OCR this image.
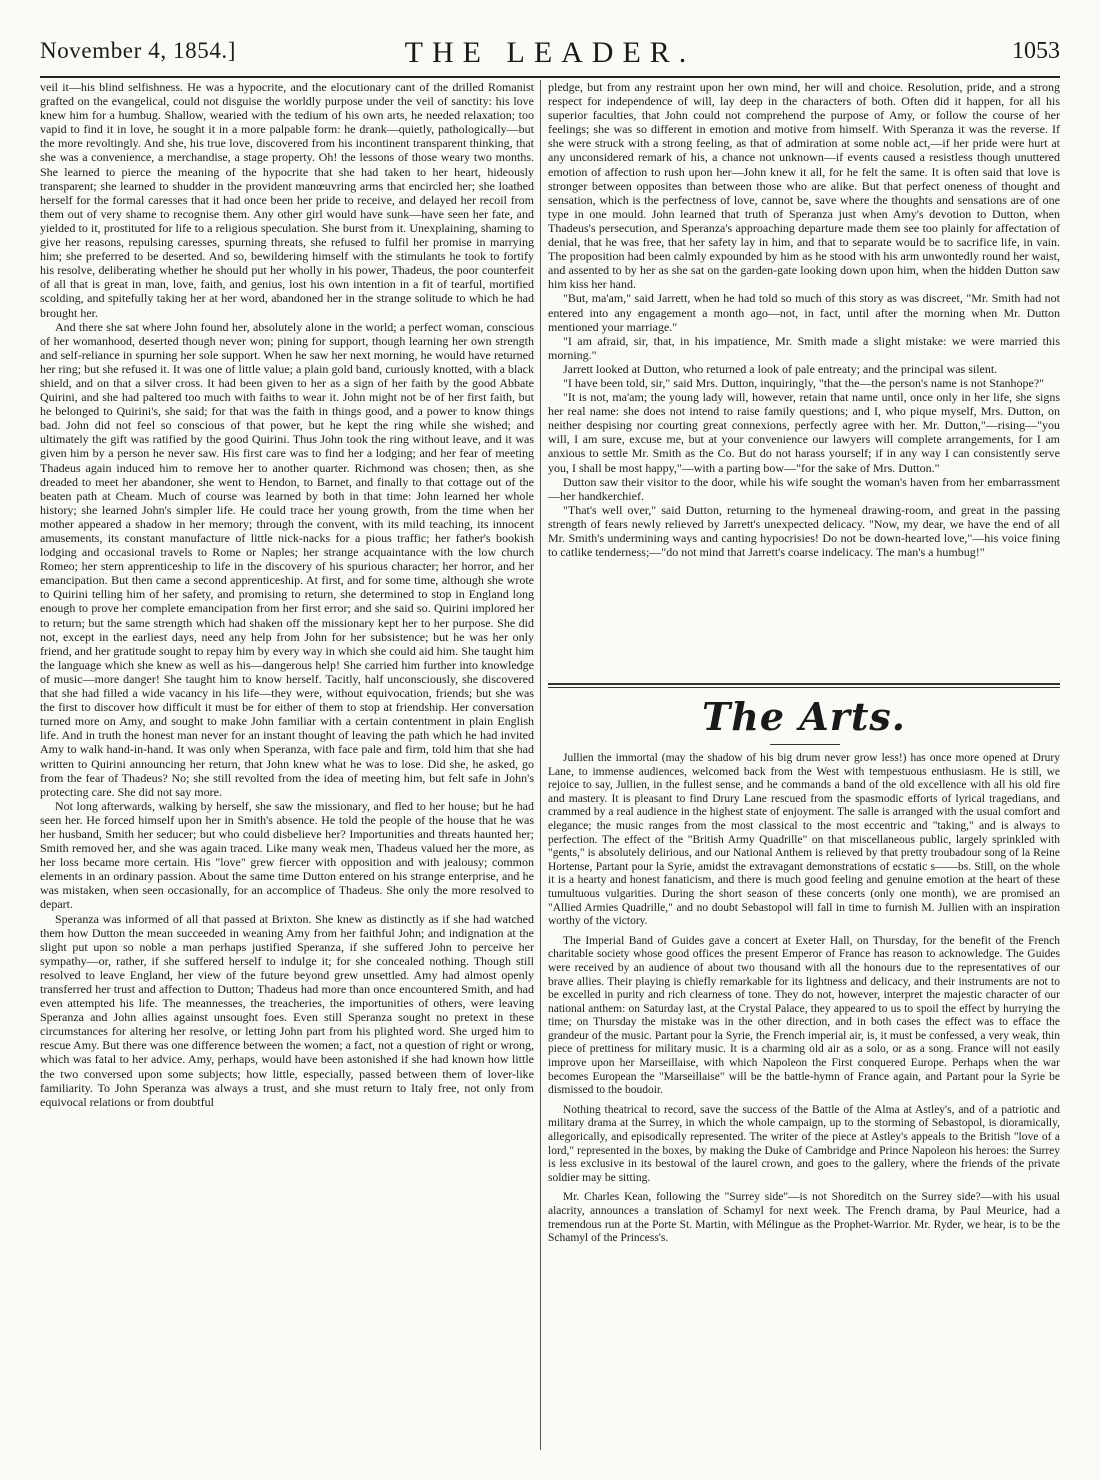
November 4, 1854.]	THE LEADER.	1053

veil it—his blind selfishness. He was a hypocrite, and the elocutionary cant of the drilled Romanist grafted on the evangelical, could not disguise the worldly purpose under the veil of sanctity: his love knew him for a humbug. Shallow, wearied with the tedium of his own arts, he needed relaxation; too vapid to find it in love, he sought it in a more palpable form: he drank—quietly, pathologically—but the more revoltingly. And she, his true love, discovered from his incontinent transparent thinking, that she was a convenience, a merchandise, a stage property. Oh! the lessons of those weary two months. She learned to pierce the meaning of the hypocrite that she had taken to her heart, hideously transparent; she learned to shudder in the provident manœuvring arms that encircled her; she loathed herself for the formal caresses that it had once been her pride to receive, and delayed her recoil from them out of very shame to recognise them. Any other girl would have sunk—have seen her fate, and yielded to it, prostituted for life to a religious speculation. She burst from it. Unexplaining, shaming to give her reasons, repulsing caresses, spurning threats, she refused to fulfil her promise in marrying him; she preferred to be deserted. And so, bewildering himself with the stimulants he took to fortify his resolve, deliberating whether he should put her wholly in his power, Thadeus, the poor counterfeit of all that is great in man, love, faith, and genius, lost his own intention in a fit of tearful, mortified scolding, and spitefully taking her at her word, abandoned her in the strange solitude to which he had brought her.

And there she sat where John found her, absolutely alone in the world; a perfect woman, conscious of her womanhood, deserted though never won; pining for support, though learning her own strength and self-reliance in spurning her sole support. When he saw her next morning, he would have returned her ring; but she refused it. It was one of little value; a plain gold band, curiously knotted, with a black shield, and on that a silver cross. It had been given to her as a sign of her faith by the good Abbate Quirini, and she had paltered too much with faiths to wear it. John might not be of her first faith, but he belonged to Quirini's, she said; for that was the faith in things good, and a power to know things bad. John did not feel so conscious of that power, but he kept the ring while she wished; and ultimately the gift was ratified by the good Quirini. Thus John took the ring without leave, and it was given him by a person he never saw. His first care was to find her a lodging; and her fear of meeting Thadeus again induced him to remove her to another quarter. Richmond was chosen; then, as she dreaded to meet her abandoner, she went to Hendon, to Barnet, and finally to that cottage out of the beaten path at Cheam. Much of course was learned by both in that time: John learned her whole history; she learned John's simpler life. He could trace her young growth, from the time when her mother appeared a shadow in her memory; through the convent, with its mild teaching, its innocent amusements, its constant manufacture of little nick-nacks for a pious traffic; her father's bookish lodging and occasional travels to Rome or Naples; her strange acquaintance with the low church Romeo; her stern apprenticeship to life in the discovery of his spurious character; her horror, and her emancipation. But then came a second apprenticeship. At first, and for some time, although she wrote to Quirini telling him of her safety, and promising to return, she determined to stop in England long enough to prove her complete emancipation from her first error; and she said so. Quirini implored her to return; but the same strength which had shaken off the missionary kept her to her purpose. She did not, except in the earliest days, need any help from John for her subsistence; but he was her only friend, and her gratitude sought to repay him by every way in which she could aid him. She taught him the language which she knew as well as his—dangerous help! She carried him further into knowledge of music—more danger! She taught him to know herself. Tacitly, half unconsciously, she discovered that she had filled a wide vacancy in his life—they were, without equivocation, friends; but she was the first to discover how difficult it must be for either of them to stop at friendship. Her conversation turned more on Amy, and sought to make John familiar with a certain contentment in plain English life. And in truth the honest man never for an instant thought of leaving the path which he had invited Amy to walk hand-in-hand. It was only when Speranza, with face pale and firm, told him that she had written to Quirini announcing her return, that John knew what he was to lose. Did she, he asked, go from the fear of Thadeus? No; she still revolted from the idea of meeting him, but felt safe in John's protecting care. She did not say more.

Not long afterwards, walking by herself, she saw the missionary, and fled to her house; but he had seen her. He forced himself upon her in Smith's absence. He told the people of the house that he was her husband, Smith her seducer; but who could disbelieve her? Importunities and threats haunted her; Smith removed her, and she was again traced. Like many weak men, Thadeus valued her the more, as her loss became more certain. His "love" grew fiercer with opposition and with jealousy; common elements in an ordinary passion. About the same time Dutton entered on his strange enterprise, and he was mistaken, when seen occasionally, for an accomplice of Thadeus. She only the more resolved to depart.

Speranza was informed of all that passed at Brixton. She knew as distinctly as if she had watched them how Dutton the mean succeeded in weaning Amy from her faithful John; and indignation at the slight put upon so noble a man perhaps justified Speranza, if she suffered John to perceive her sympathy—or, rather, if she suffered herself to indulge it; for she concealed nothing. Though still resolved to leave England, her view of the future beyond grew unsettled. Amy had almost openly transferred her trust and affection to Dutton; Thadeus had more than once encountered Smith, and had even attempted his life. The meannesses, the treacheries, the importunities of others, were leaving Speranza and John allies against unsought foes. Even still Speranza sought no pretext in these circumstances for altering her resolve, or letting John part from his plighted word. She urged him to rescue Amy. But there was one difference between the women; a fact, not a question of right or wrong, which was fatal to her advice. Amy, perhaps, would have been astonished if she had known how little the two conversed upon some subjects; how little, especially, passed between them of lover-like familiarity. To John Speranza was always a trust, and she must return to Italy free, not only from equivocal relations or from doubtful

pledge, but from any restraint upon her own mind, her will and choice. Resolution, pride, and a strong respect for independence of will, lay deep in the characters of both. Often did it happen, for all his superior faculties, that John could not comprehend the purpose of Amy, or follow the course of her feelings; she was so different in emotion and motive from himself. With Speranza it was the reverse. If she were struck with a strong feeling, as that of admiration at some noble act,—if her pride were hurt at any unconsidered remark of his, a chance not unknown—if events caused a resistless though unuttered emotion of affection to rush upon her—John knew it all, for he felt the same. It is often said that love is stronger between opposites than between those who are alike. But that perfect oneness of thought and sensation, which is the perfectness of love, cannot be, save where the thoughts and sensations are of one type in one mould. John learned that truth of Speranza just when Amy's devotion to Dutton, when Thadeus's persecution, and Speranza's approaching departure made them see too plainly for affectation of denial, that he was free, that her safety lay in him, and that to separate would be to sacrifice life, in vain. The proposition had been calmly expounded by him as he stood with his arm unwontedly round her waist, and assented to by her as she sat on the garden-gate looking down upon him, when the hidden Dutton saw him kiss her hand.

"But, ma'am," said Jarrett, when he had told so much of this story as was discreet, "Mr. Smith had not entered into any engagement a month ago—not, in fact, until after the morning when Mr. Dutton mentioned your marriage."

"I am afraid, sir, that, in his impatience, Mr. Smith made a slight mistake: we were married this morning."

Jarrett looked at Dutton, who returned a look of pale entreaty; and the principal was silent.

"I have been told, sir," said Mrs. Dutton, inquiringly, "that the—the person's name is not Stanhope?"

"It is not, ma'am; the young lady will, however, retain that name until, once only in her life, she signs her real name: she does not intend to raise family questions; and I, who pique myself, Mrs. Dutton, on neither despising nor courting great connexions, perfectly agree with her. Mr. Dutton,"—rising—"you will, I am sure, excuse me, but at your convenience our lawyers will complete arrangements, for I am anxious to settle Mr. Smith as the Co. But do not harass yourself; if in any way I can consistently serve you, I shall be most happy,"—with a parting bow—"for the sake of Mrs. Dutton."

Dutton saw their visitor to the door, while his wife sought the woman's haven from her embarrassment—her handkerchief.

"That's well over," said Dutton, returning to the hymeneal drawing-room, and great in the passing strength of fears newly relieved by Jarrett's unexpected delicacy. "Now, my dear, we have the end of all Mr. Smith's undermining ways and canting hypocrisies! Do not be down-hearted love,"—his voice fining to catlike tenderness;—"do not mind that Jarrett's coarse indelicacy. The man's a humbug!"

The Arts.

Jullien the immortal (may the shadow of his big drum never grow less!) has once more opened at Drury Lane, to immense audiences, welcomed back from the West with tempestuous enthusiasm. He is still, we rejoice to say, Jullien, in the fullest sense, and he commands a band of the old excellence with all his old fire and mastery. It is pleasant to find Drury Lane rescued from the spasmodic efforts of lyrical tragedians, and crammed by a real audience in the highest state of enjoyment. The salle is arranged with the usual comfort and elegance; the music ranges from the most classical to the most eccentric and "taking," and is always to perfection. The effect of the "British Army Quadrille" on that miscellaneous public, largely sprinkled with "gents," is absolutely delirious, and our National Anthem is relieved by that pretty troubadour song of la Reine Hortense, Partant pour la Syrie, amidst the extravagant demonstrations of ecstatic s——bs. Still, on the whole it is a hearty and honest fanaticism, and there is much good feeling and genuine emotion at the heart of these tumultuous vulgarities. During the short season of these concerts (only one month), we are promised an "Allied Armies Quadrille," and no doubt Sebastopol will fall in time to furnish M. Jullien with an inspiration worthy of the victory.

The Imperial Band of Guides gave a concert at Exeter Hall, on Thursday, for the benefit of the French charitable society whose good offices the present Emperor of France has reason to acknowledge. The Guides were received by an audience of about two thousand with all the honours due to the representatives of our brave allies. Their playing is chiefly remarkable for its lightness and delicacy, and their instruments are not to be excelled in purity and rich clearness of tone. They do not, however, interpret the majestic character of our national anthem: on Saturday last, at the Crystal Palace, they appeared to us to spoil the effect by hurrying the time; on Thursday the mistake was in the other direction, and in both cases the effect was to efface the grandeur of the music. Partant pour la Syrie, the French imperial air, is, it must be confessed, a very weak, thin piece of prettiness for military music. It is a charming old air as a solo, or as a song. France will not easily improve upon her Marseillaise, with which Napoleon the First conquered Europe. Perhaps when the war becomes European the "Marseillaise" will be the battle-hymn of France again, and Partant pour la Syrie be dismissed to the boudoir.

Nothing theatrical to record, save the success of the Battle of the Alma at Astley's, and of a patriotic and military drama at the Surrey, in which the whole campaign, up to the storming of Sebastopol, is dioramically, allegorically, and episodically represented. The writer of the piece at Astley's appeals to the British "love of a lord," represented in the boxes, by making the Duke of Cambridge and Prince Napoleon his heroes: the Surrey is less exclusive in its bestowal of the laurel crown, and goes to the gallery, where the friends of the private soldier may be sitting.

Mr. Charles Kean, following the "Surrey side"—is not Shoreditch on the Surrey side?—with his usual alacrity, announces a translation of Schamyl for next week. The French drama, by Paul Meurice, had a tremendous run at the Porte St. Martin, with Mélingue as the Prophet-Warrior. Mr. Ryder, we hear, is to be the Schamyl of the Princess's.
